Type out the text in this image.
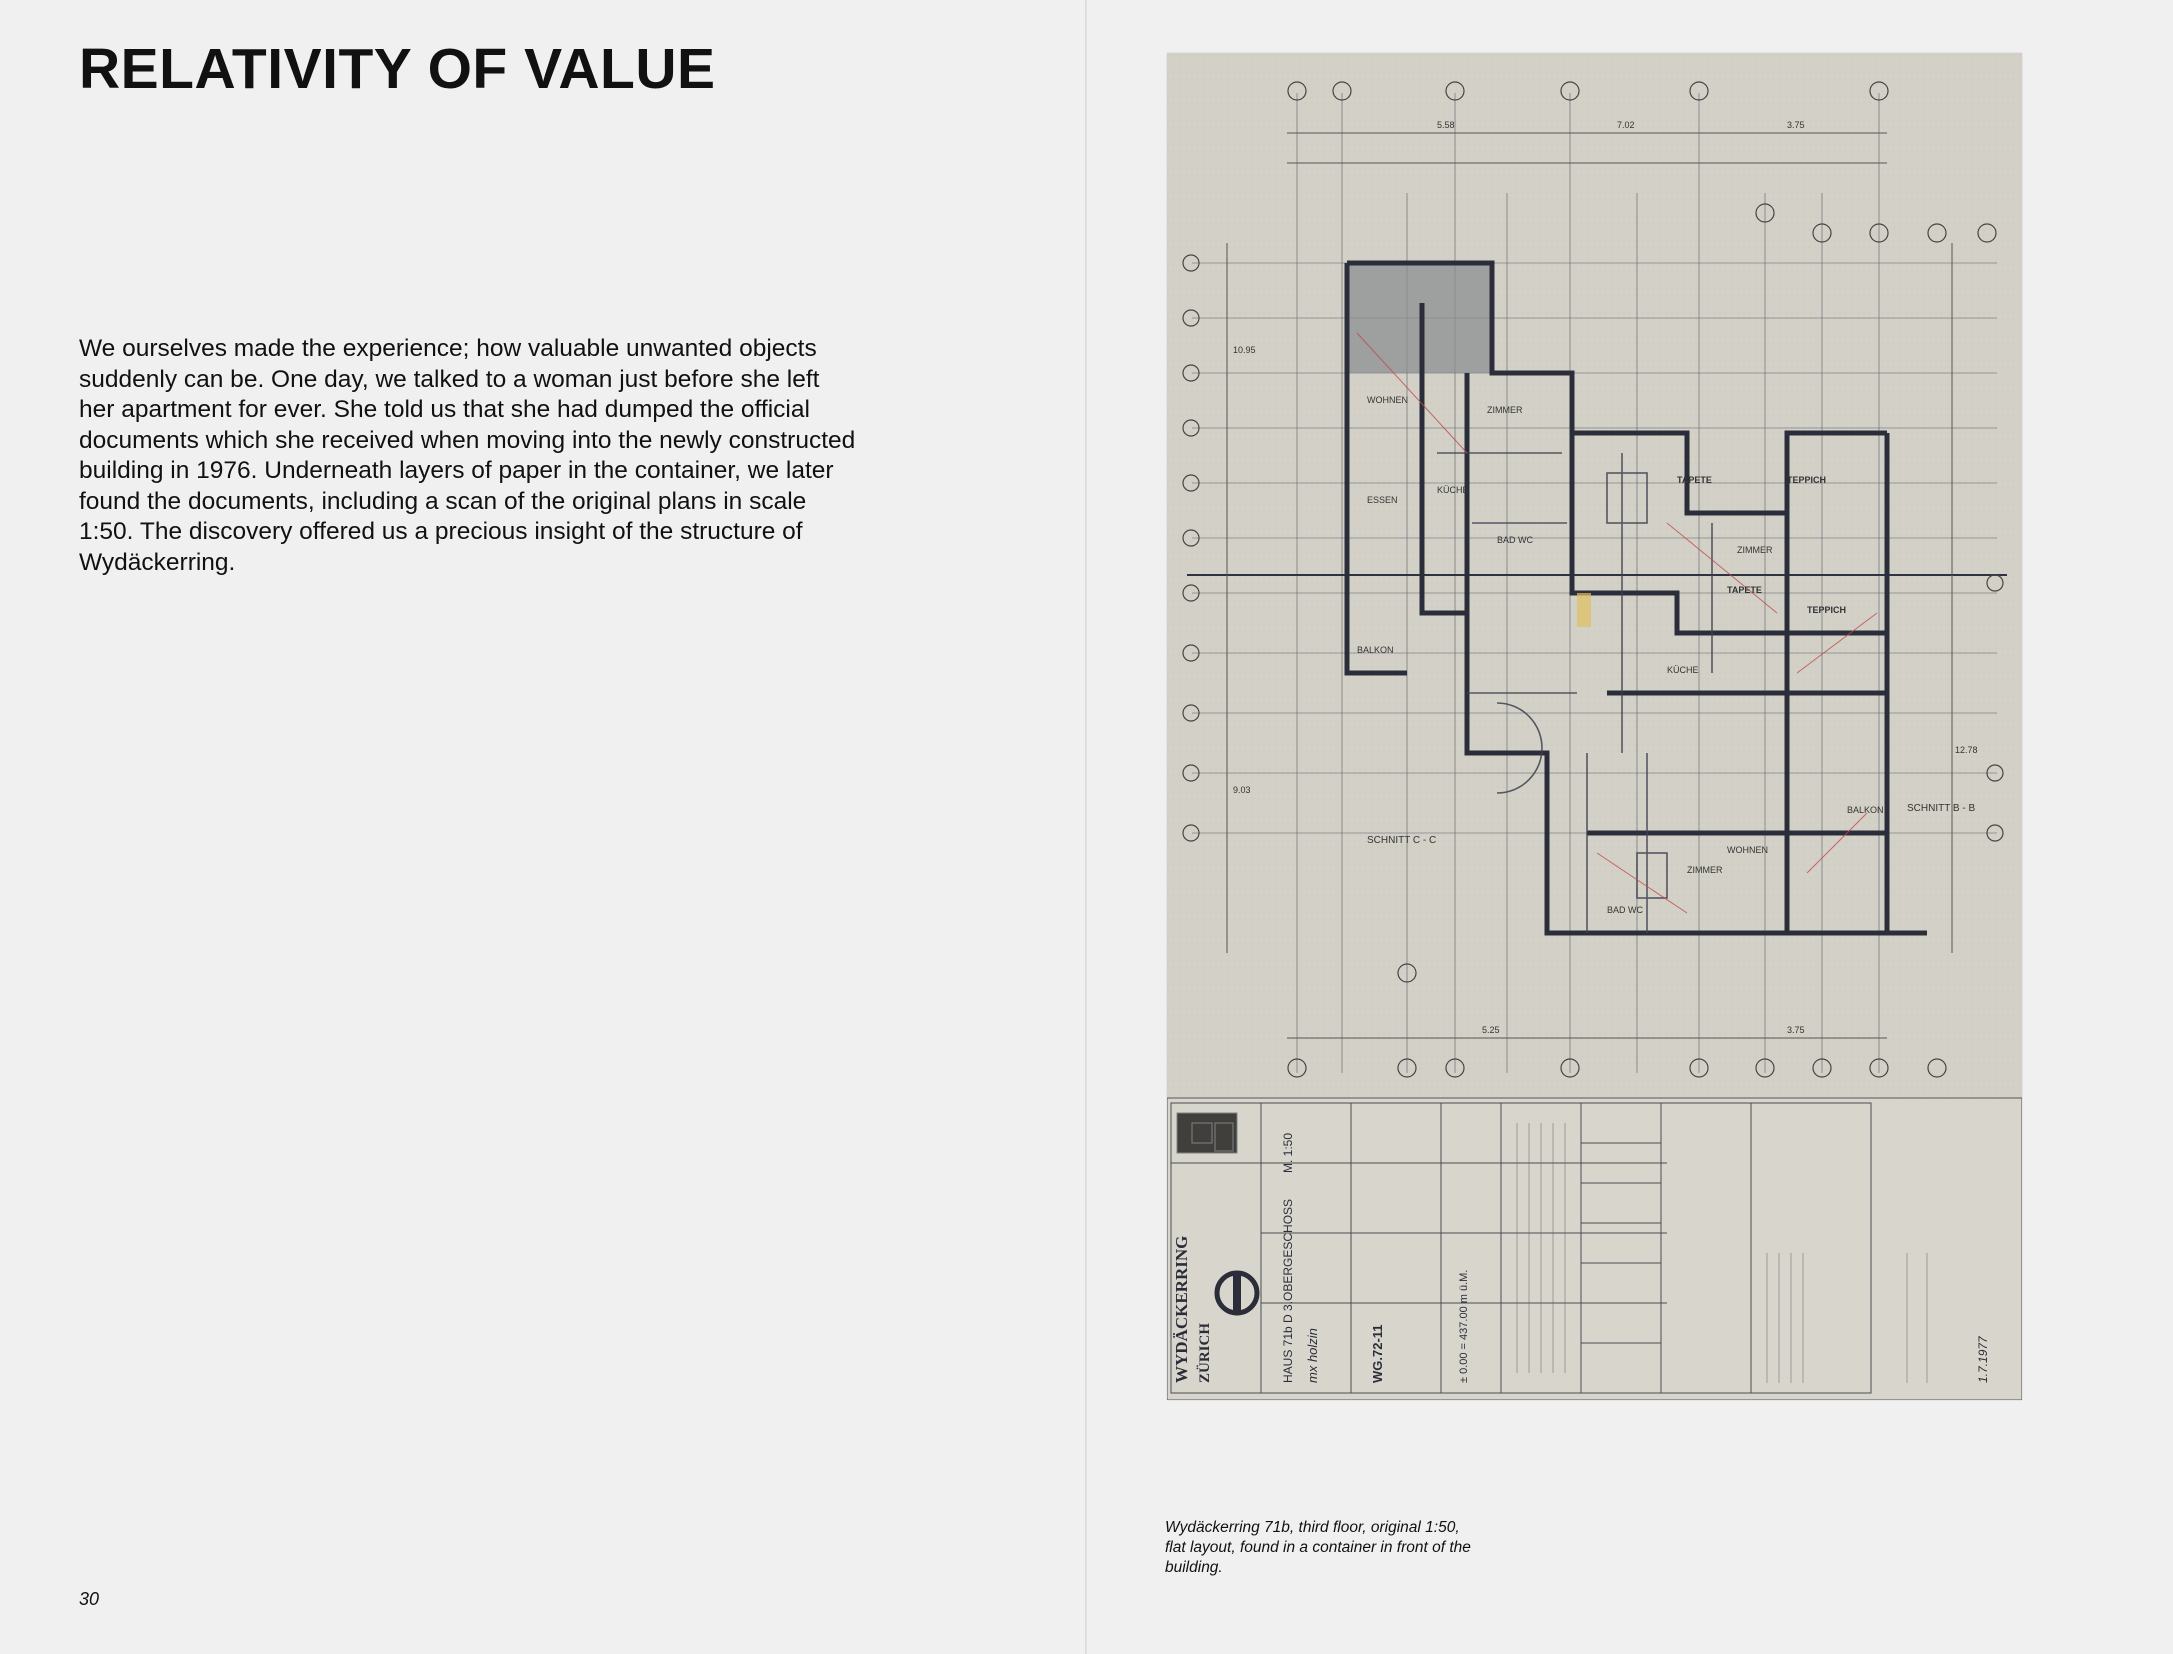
RELATIVITY OF VALUE

We ourselves made the experience; how valuable unwanted objects suddenly can be. One day, we talked to a woman just before she left her apartment for ever. She told us that she had dumped the official documents which she received when moving into the newly constructed building in 1976. Underneath layers of paper in the container, we later found the documents, including a scan of the original plans in scale 1:50. The discovery offered us a precious insight of the structure of Wydäckerring.

30
5.58	7.02	3.75
5.25	3.75
10.95
9.03
12.78
WOHNEN
WOHNEN
ZIMMER
ZIMMER
ZIMMER
KÜCHE
KÜCHE
ESSEN
BALKON
BALKON
TAPETE
TAPETE
TEPPICH
TEPPICH
BAD WC
BAD WC
SCHNITT B - B
SCHNITT C - C
WYDÄCKERRING ZÜRICH	HAUS 71b D 3.OBERGESCHOSS
M. 1:50
mx holzin	WG.72-11	± 0.00 = 437.00 m ü.M.	1.7.1977

Wydäckerring 71b, third floor, original 1:50, flat layout, found in a container in front of the building.
